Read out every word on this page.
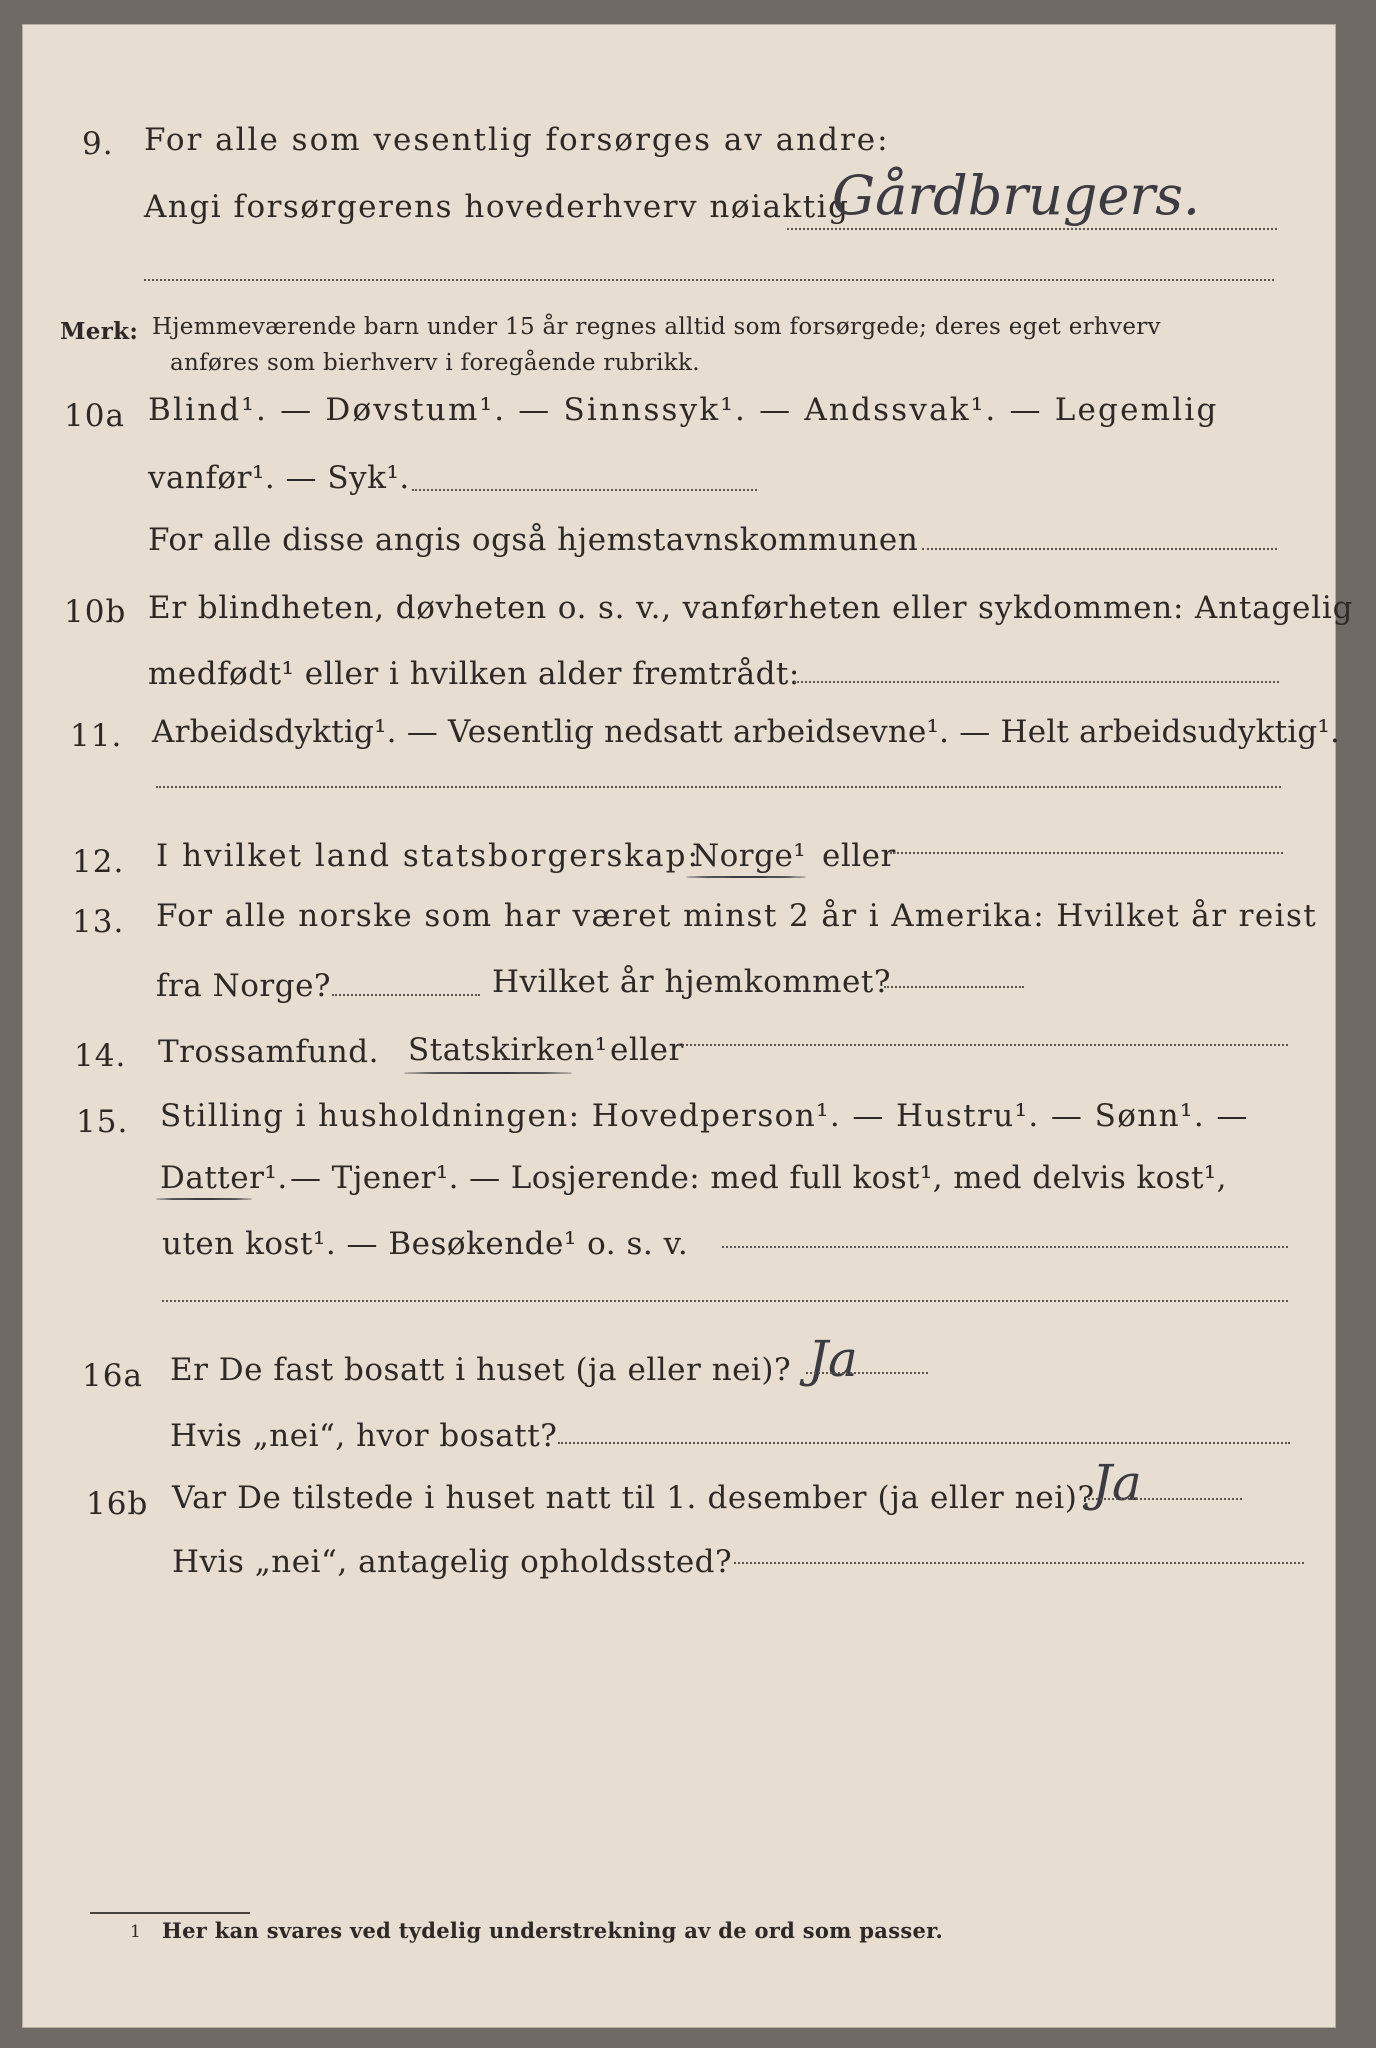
9. For alle som vesentlig forsørges av andre:
Angi forsørgerens hovederhverv nøiaktig
Gårdbrugers.
Merk: Hjemmeværende barn under 15 år regnes alltid som forsørgede; deres eget erhverv
anføres som bierhverv i foregående rubrikk.
10a Blind¹. — Døvstum¹. — Sinnssyk¹. — Andssvak¹. — Legemlig
vanfør¹. — Syk¹.
For alle disse angis også hjemstavnskommunen
10b Er blindheten, døvheten o. s. v., vanførheten eller sykdommen: Antagelig
medfødt¹ eller i hvilken alder fremtrådt:
11. Arbeidsdyktig¹. — Vesentlig nedsatt arbeidsevne¹. — Helt arbeidsudyktig¹.
12. I hvilket land statsborgerskap:
Norge¹ eller
13. For alle norske som har været minst 2 år i Amerika: Hvilket år reist
fra Norge?	Hvilket år hjemkommet?
14. Trossamfund. Statskirken¹ eller
15. Stilling i husholdningen: Hovedperson¹. — Hustru¹. — Sønn¹. —
Datter¹. — Tjener¹. — Losjerende: med full kost¹, med delvis kost¹,
uten kost¹. — Besøkende¹ o. s. v.
16a Er De fast bosatt i huset (ja eller nei)? Ja
Hvis „nei“, hvor bosatt?
16b Var De tilstede i huset natt til 1. desember (ja eller nei)?
Ja
Hvis „nei“, antagelig opholdssted?
1 Her kan svares ved tydelig understrekning av de ord som passer.
